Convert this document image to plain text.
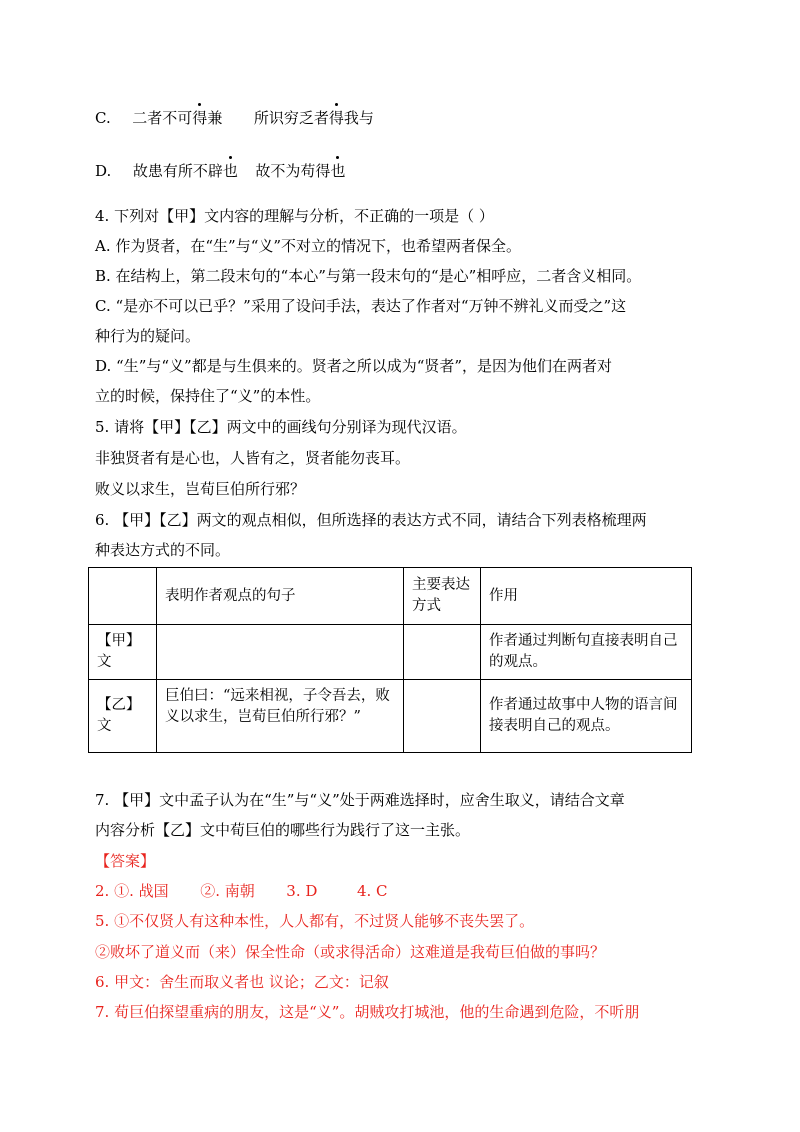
C. 二者不可得兼 所识穷乏者得我与
D. 故患有所不辟也 故不为苟得也
4. 下列对【甲】文内容的理解与分析，不正确的一项是（ ）
A. 作为贤者，在“生”与“义”不对立的情况下，也希望两者保全。
B. 在结构上，第二段末句的“本心”与第一段末句的“是心”相呼应，二者含义相同。
C. “是亦不可以已乎？”采用了设问手法，表达了作者对“万钟不辨礼义而受之”这
种行为的疑问。
D. “生”与“义”都是与生俱来的。贤者之所以成为“贤者”，是因为他们在两者对
立的时候，保持住了“义”的本性。
5. 请将【甲】【乙】两文中的画线句分别译为现代汉语。
非独贤者有是心也，人皆有之，贤者能勿丧耳。
败义以求生，岂荀巨伯所行邪？
6. 【甲】【乙】两文的观点相似，但所选择的表达方式不同，请结合下列表格梳理两
种表达方式的不同。
	表明作者观点的句子	主要表达方式	作用
【甲】文			作者通过判断句直接表明自己的观点。
【乙】文	巨伯曰：“远来相视，子令吾去，败义以求生，岂荀巨伯所行邪？”		作者通过故事中人物的语言间接表明自己的观点。
7. 【甲】文中孟子认为在“生”与“义”处于两难选择时，应舍生取义，请结合文章
内容分析【乙】文中荀巨伯的哪些行为践行了这一主张。
【答案】
2. ①. 战国 ②. 南朝 3. D	4. C
5. ①不仅贤人有这种本性，人人都有，不过贤人能够不丧失罢了。
②败坏了道义而（来）保全性命（或求得活命）这难道是我荀巨伯做的事吗？
6. 甲文：舍生而取义者也 议论；乙文：记叙
7. 荀巨伯探望重病的朋友，这是“义”。胡贼攻打城池，他的生命遇到危险，不听朋
